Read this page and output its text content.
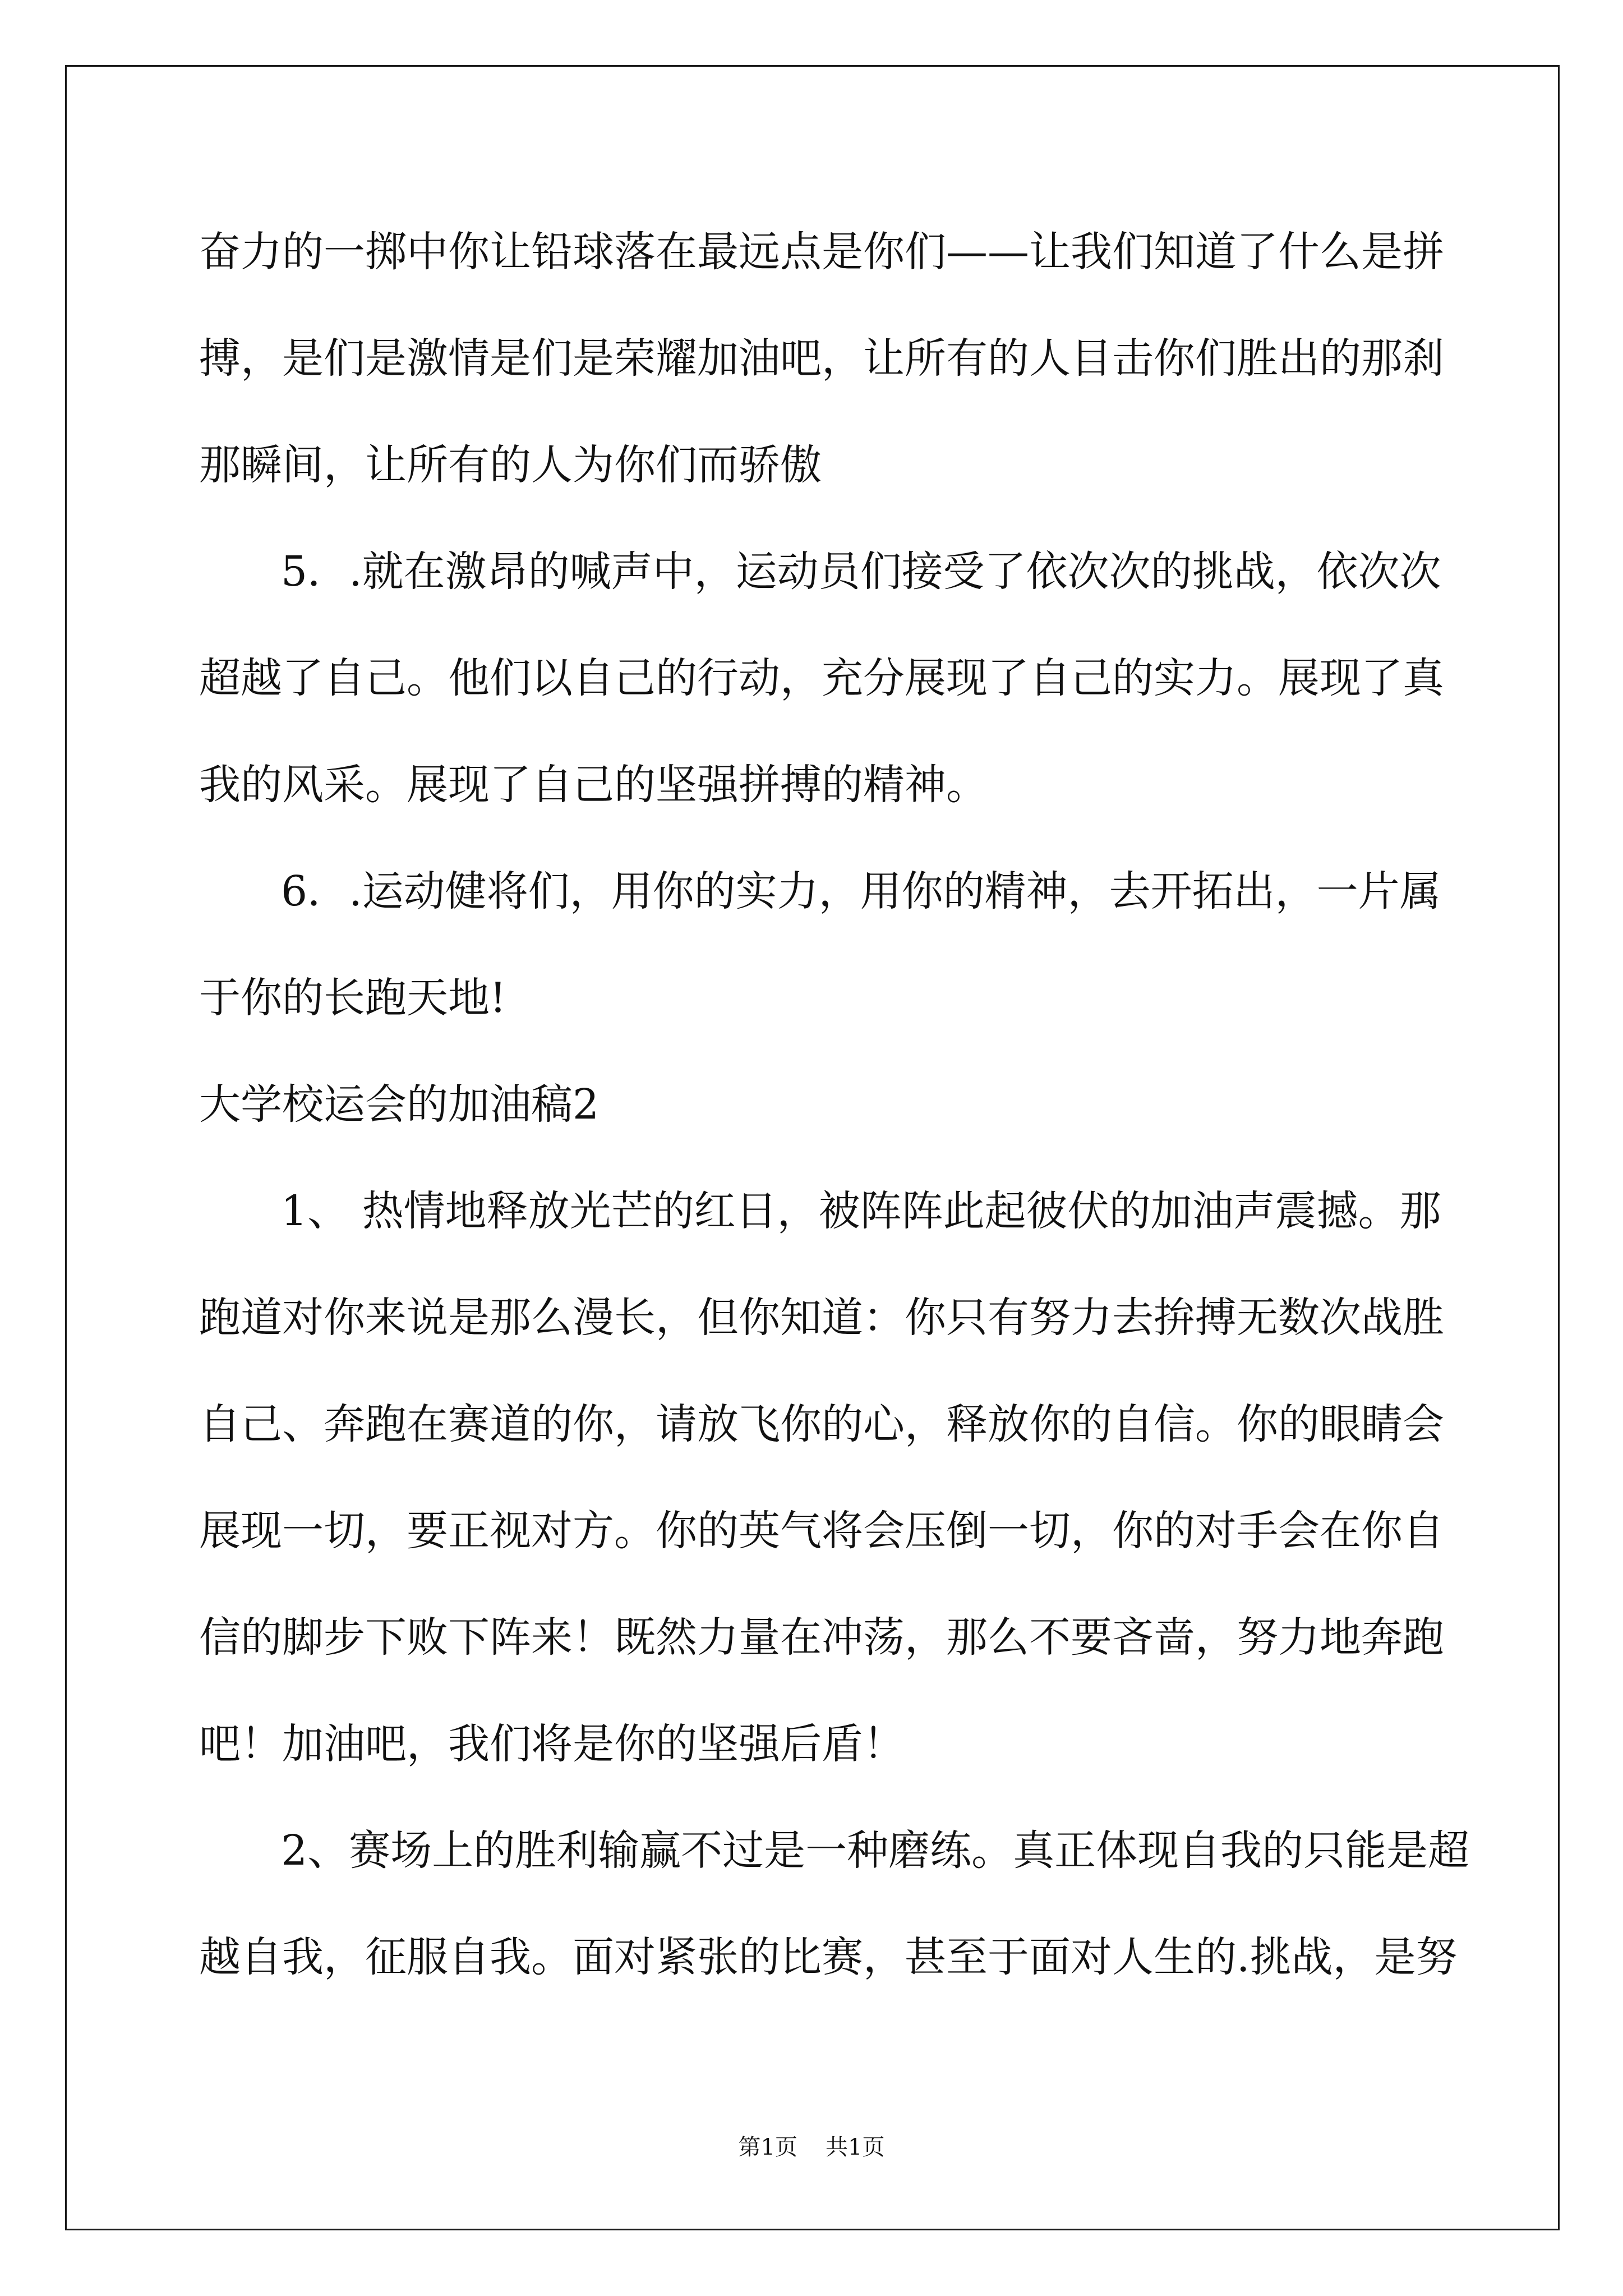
奋力的一掷中你让铅球落在最远点是你们——让我们知道了什么是拼
搏，是们是激情是们是荣耀加油吧，让所有的人目击你们胜出的那刹
那瞬间，让所有的人为你们而骄傲
5．.就在激昂的喊声中，运动员们接受了依次次的挑战，依次次
超越了自己。他们以自己的行动，充分展现了自己的实力。展现了真
我的风采。展现了自己的坚强拼搏的精神。
6．.运动健将们，用你的实力，用你的精神，去开拓出，一片属
于你的长跑天地!
大学校运会的加油稿2
1、 热情地释放光芒的红日，被阵阵此起彼伏的加油声震撼。那
跑道对你来说是那么漫长，但你知道：你只有努力去拚搏无数次战胜
自己、奔跑在赛道的你，请放飞你的心，释放你的自信。你的眼睛会
展现一切，要正视对方。你的英气将会压倒一切，你的对手会在你自
信的脚步下败下阵来！既然力量在冲荡，那么不要吝啬，努力地奔跑
吧！加油吧，我们将是你的坚强后盾！
2、赛场上的胜利输赢不过是一种磨练。真正体现自我的只能是超
越自我，征服自我。面对紧张的比赛，甚至于面对人生的.挑战，是努
第1页 共1页
